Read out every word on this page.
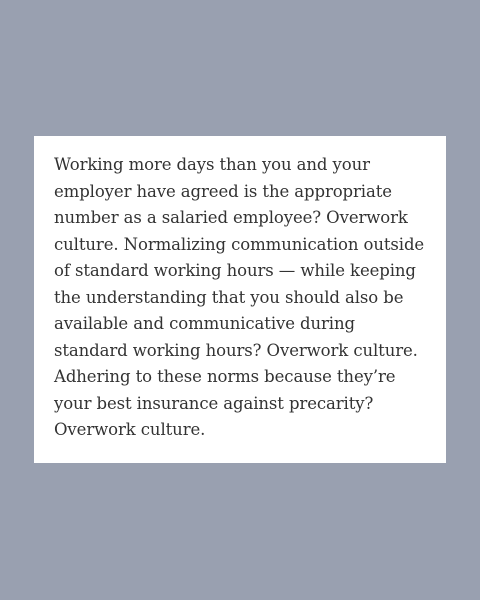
Working more days than you and your
employer have agreed is the appropriate
number as a salaried employee? Overwork
culture. Normalizing communication outside
of standard working hours — while keeping
the understanding that you should also be
available and communicative during
standard working hours? Overwork culture.
Adhering to these norms because they’re
your best insurance against precarity?
Overwork culture.
